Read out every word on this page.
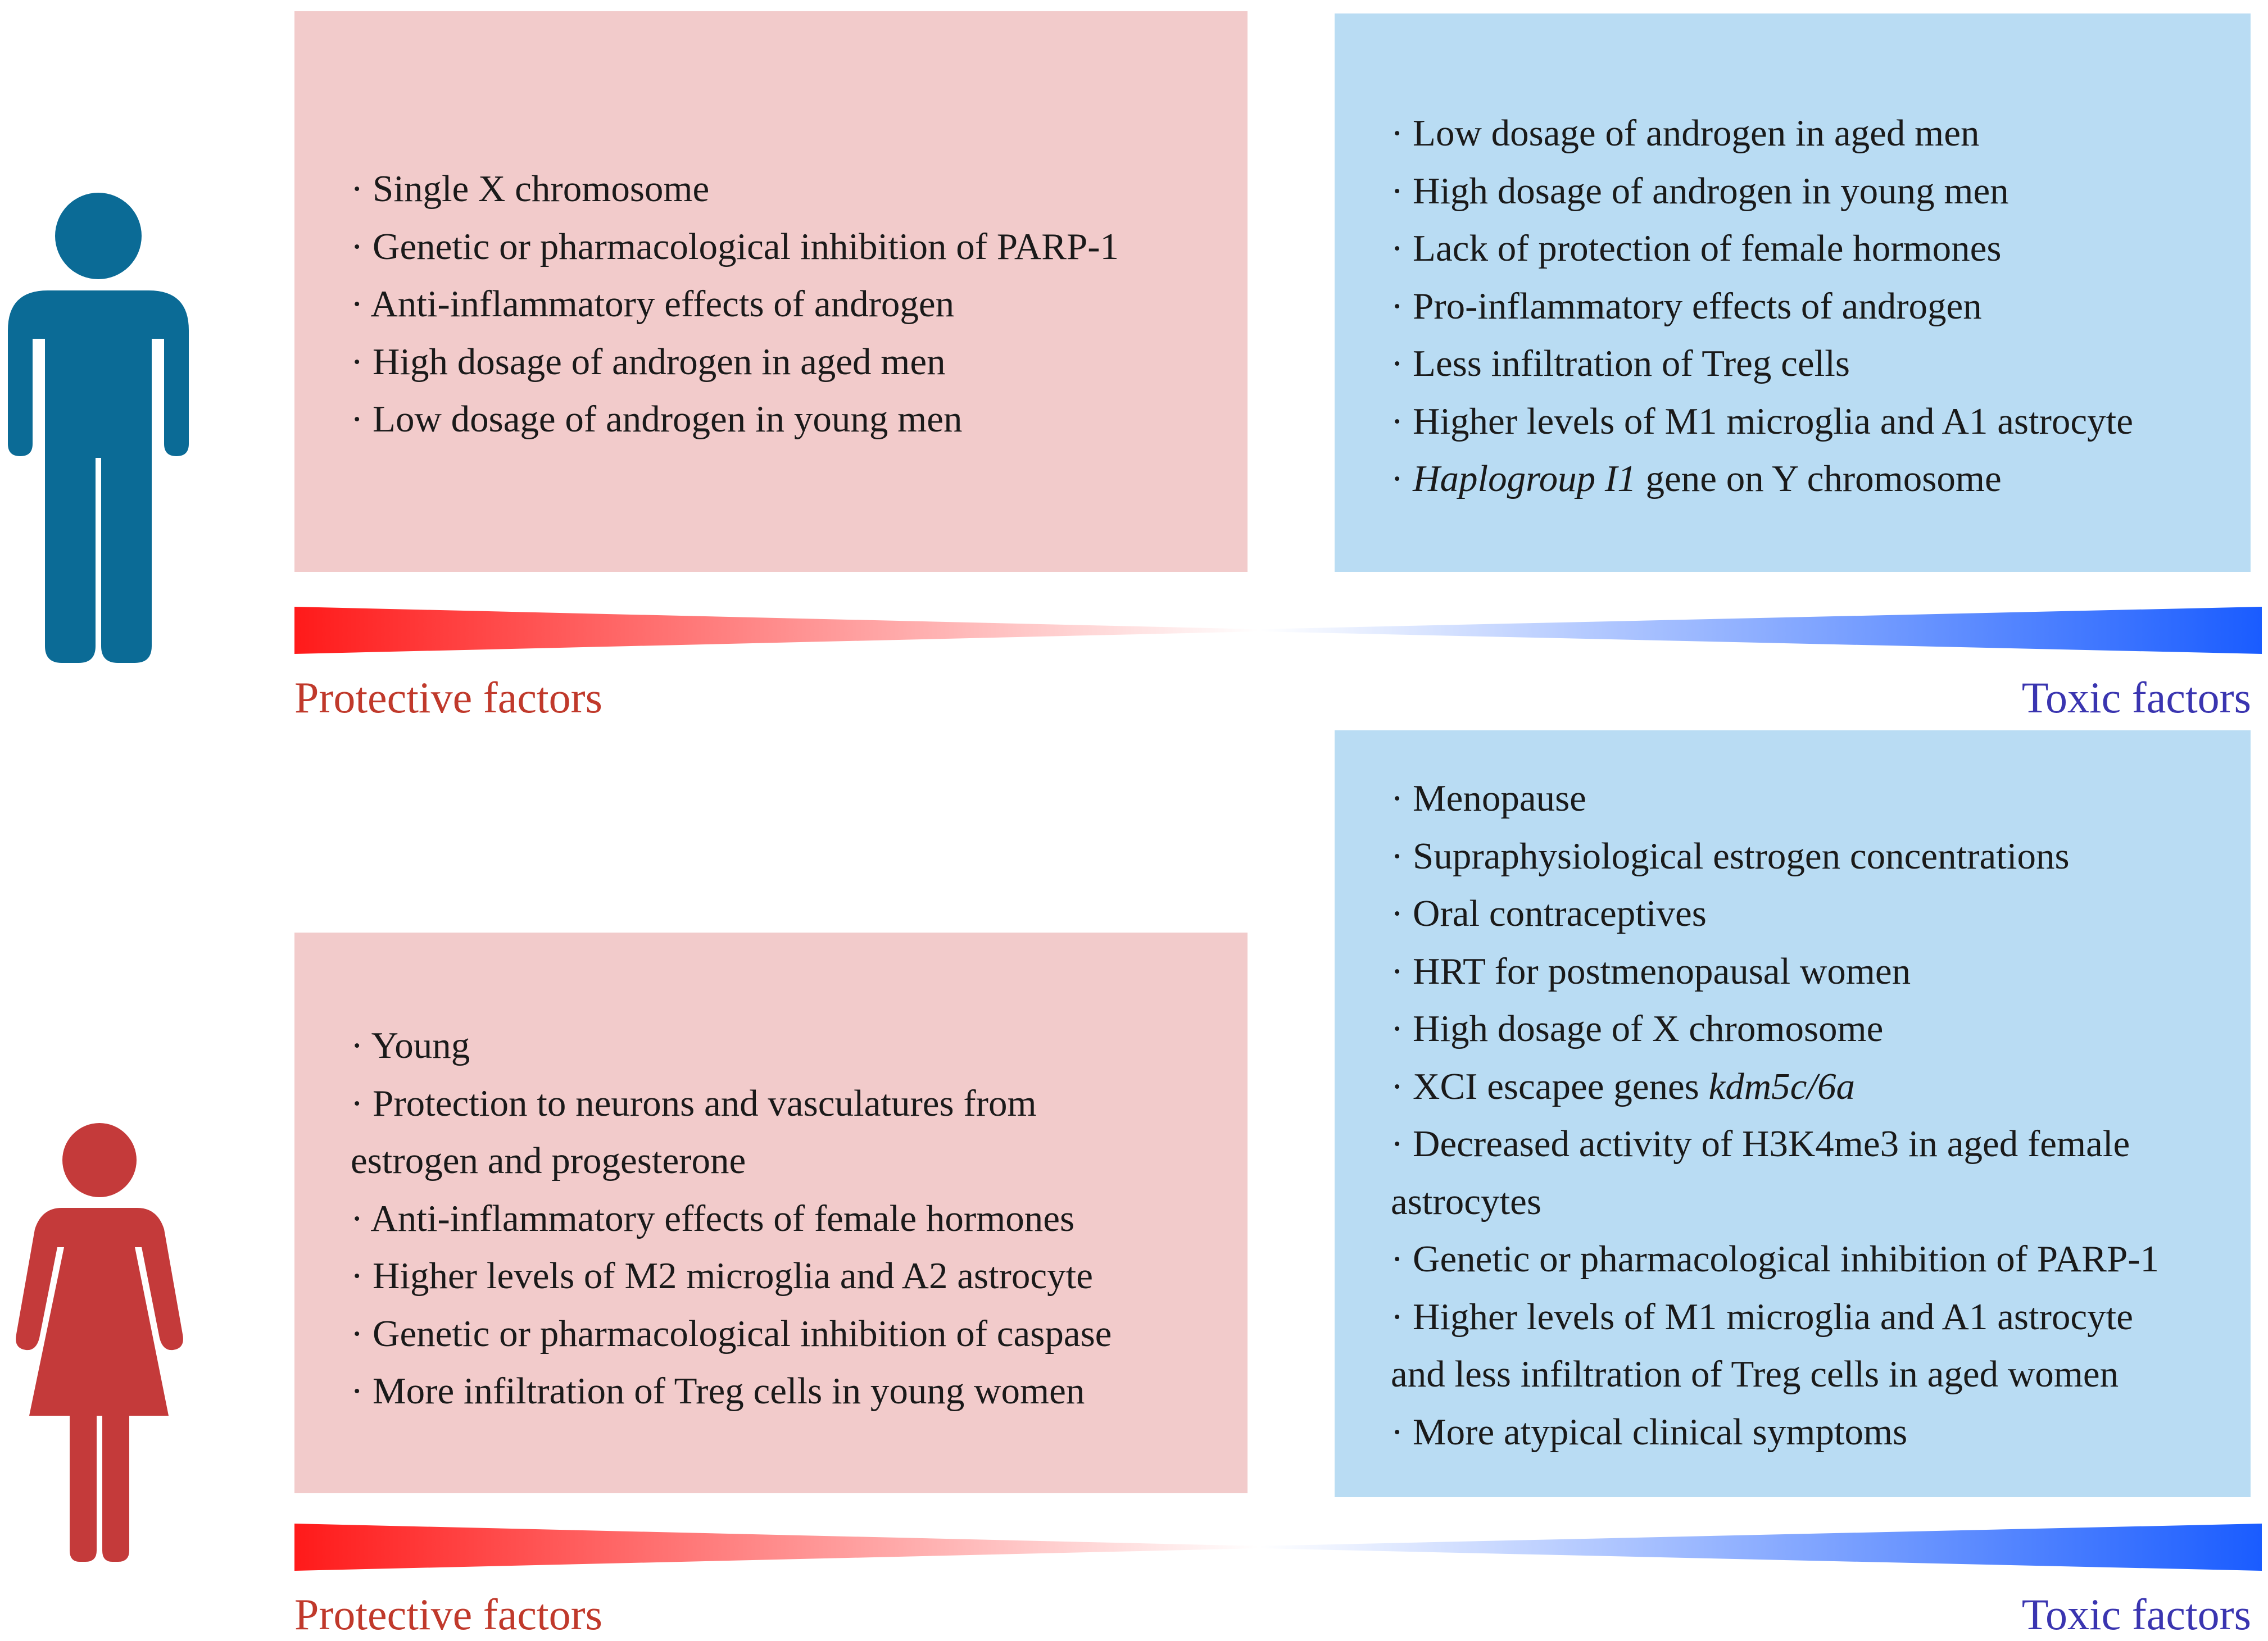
· Single X chromosome
· Genetic or pharmacological inhibition of PARP-1
· Anti-inflammatory effects of androgen
· High dosage of androgen in aged men
· Low dosage of androgen in young men
· Low dosage of androgen in aged men
· High dosage of androgen in young men
· Lack of protection of female hormones
· Pro-inflammatory effects of androgen
· Less infiltration of Treg cells
· Higher levels of M1 microglia and A1 astrocyte
· Haplogroup I1 gene on Y chromosome
Protective factors	Toxic factors
· Young
· Protection to neurons and vasculatures from estrogen and progesterone
· Anti-inflammatory effects of female hormones
· Higher levels of M2 microglia and A2 astrocyte
· Genetic or pharmacological inhibition of caspase
· More infiltration of Treg cells in young women
· Menopause
· Supraphysiological estrogen concentrations
· Oral contraceptives
· HRT for postmenopausal women
· High dosage of X chromosome
· XCI escapee genes kdm5c/6a
· Decreased activity of H3K4me3 in aged female astrocytes
· Genetic or pharmacological inhibition of PARP-1
· Higher levels of M1 microglia and A1 astrocyte and less infiltration of Treg cells in aged women
· More atypical clinical symptoms
Protective factors	Toxic factors
